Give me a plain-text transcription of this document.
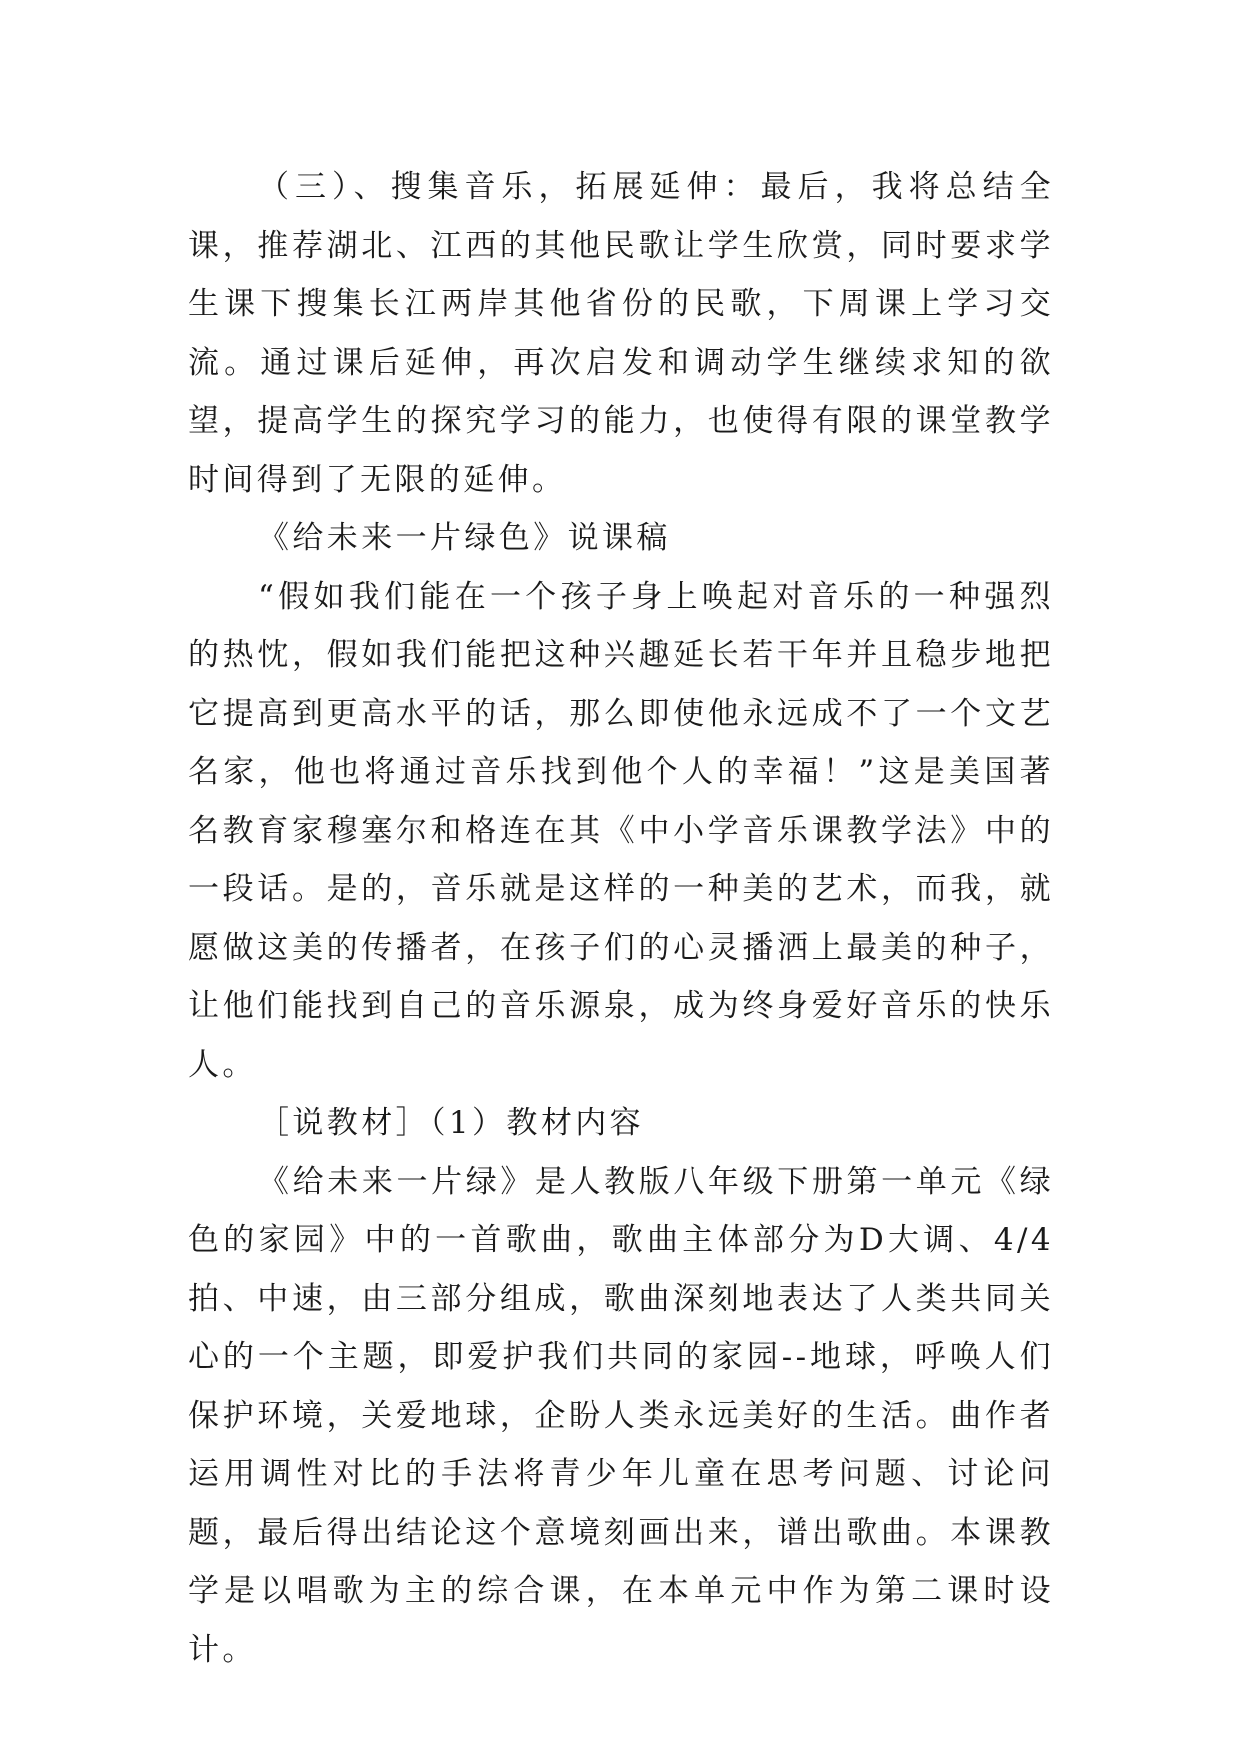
（三）、搜集音乐，拓展延伸：最后，我将总结全课，推荐湖北、江西的其他民歌让学生欣赏，同时要求学生课下搜集长江两岸其他省份的民歌，下周课上学习交流。通过课后延伸，再次启发和调动学生继续求知的欲望，提高学生的探究学习的能力，也使得有限的课堂教学时间得到了无限的延伸。

《给未来一片绿色》说课稿

“假如我们能在一个孩子身上唤起对音乐的一种强烈的热忱，假如我们能把这种兴趣延长若干年并且稳步地把它提高到更高水平的话，那么即使他永远成不了一个文艺名家，他也将通过音乐找到他个人的幸福！”这是美国著名教育家穆塞尔和格连在其《中小学音乐课教学法》中的一段话。是的，音乐就是这样的一种美的艺术，而我，就愿做这美的传播者，在孩子们的心灵播洒上最美的种子，让他们能找到自己的音乐源泉，成为终身爱好音乐的快乐人。

［说教材］（1）教材内容

《给未来一片绿》是人教版八年级下册第一单元《绿色的家园》中的一首歌曲，歌曲主体部分为D大调、4/4拍、中速，由三部分组成，歌曲深刻地表达了人类共同关心的一个主题，即爱护我们共同的家园--地球，呼唤人们保护环境，关爱地球，企盼人类永远美好的生活。曲作者运用调性对比的手法将青少年儿童在思考问题、讨论问题，最后得出结论这个意境刻画出来，谱出歌曲。本课教学是以唱歌为主的综合课，在本单元中作为第二课时设计。
